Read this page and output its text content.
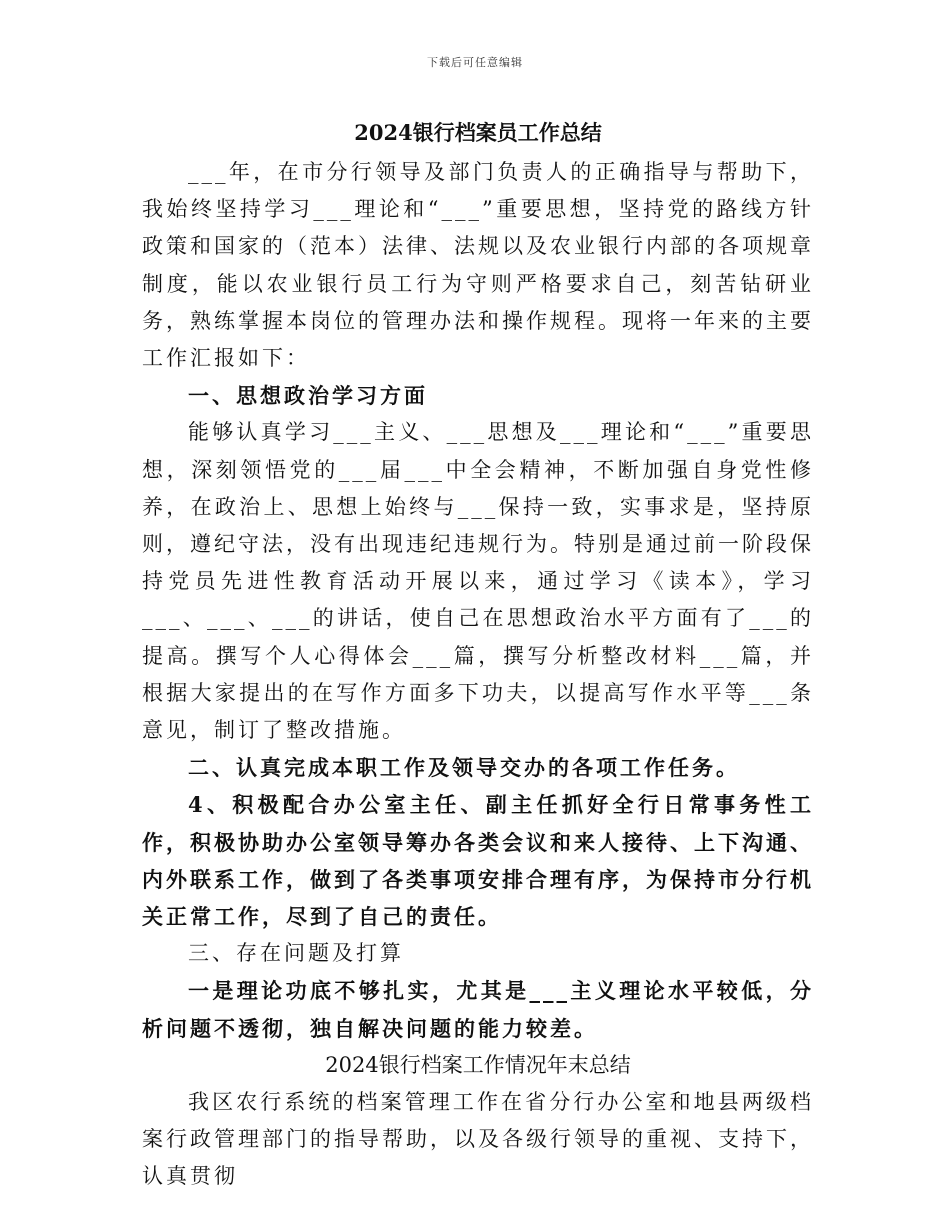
下载后可任意编辑
2024银行档案员工作总结

___年，在市分行领导及部门负责人的正确指导与帮助下，我始终坚持学习___理论和“___”重要思想，坚持党的路线方针政策和国家的（范本）法律、法规以及农业银行内部的各项规章制度，能以农业银行员工行为守则严格要求自己，刻苦钻研业务，熟练掌握本岗位的管理办法和操作规程。现将一年来的主要工作汇报如下：

一、思想政治学习方面

能够认真学习___主义、___思想及___理论和“___”重要思想，深刻领悟党的___届___中全会精神，不断加强自身党性修养，在政治上、思想上始终与___保持一致，实事求是，坚持原则，遵纪守法，没有出现违纪违规行为。特别是通过前一阶段保持党员先进性教育活动开展以来，通过学习《读本》，学习___、___、___的讲话，使自己在思想政治水平方面有了___的提高。撰写个人心得体会___篇，撰写分析整改材料___篇，并根据大家提出的在写作方面多下功夫，以提高写作水平等___条意见，制订了整改措施。

二、认真完成本职工作及领导交办的各项工作任务。

4、积极配合办公室主任、副主任抓好全行日常事务性工作，积极协助办公室领导筹办各类会议和来人接待、上下沟通、内外联系工作，做到了各类事项安排合理有序，为保持市分行机关正常工作，尽到了自己的责任。

三、存在问题及打算

一是理论功底不够扎实，尤其是___主义理论水平较低，分析问题不透彻，独自解决问题的能力较差。

2024银行档案工作情况年末总结

我区农行系统的档案管理工作在省分行办公室和地县两级档案行政管理部门的指导帮助，以及各级行领导的重视、支持下，认真贯彻
